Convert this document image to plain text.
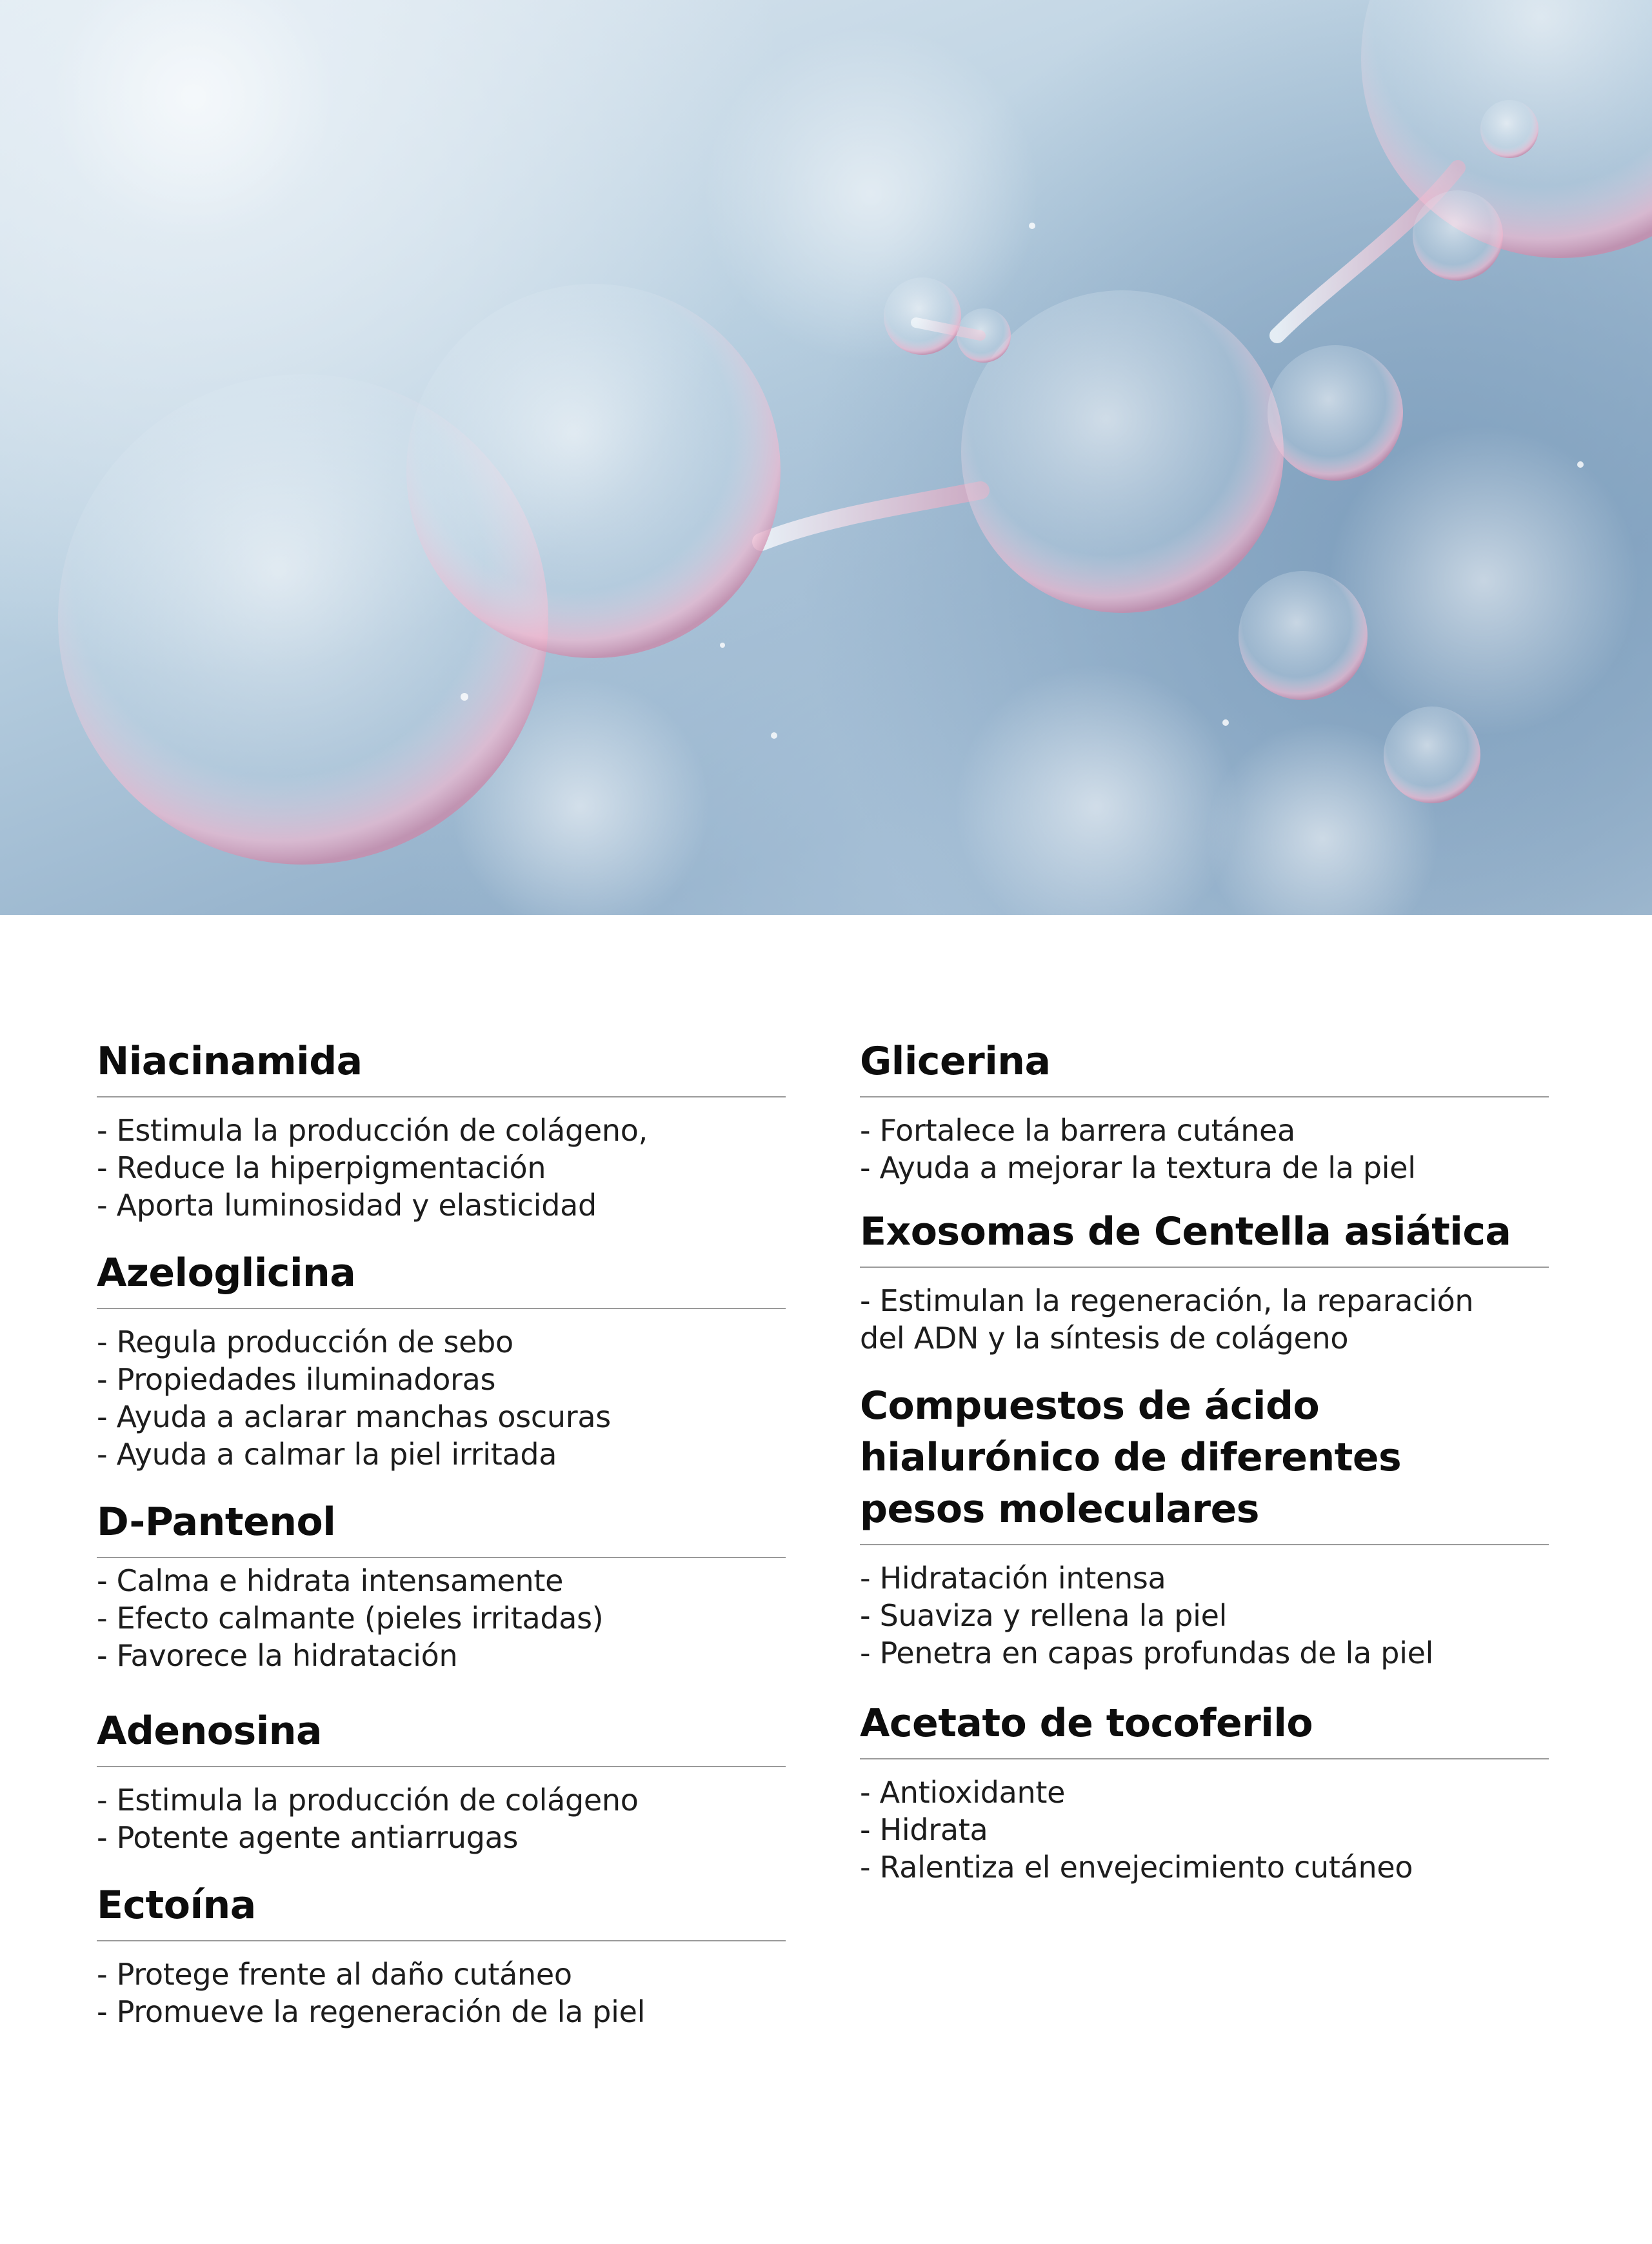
Niacinamida
- Estimula la producción de colágeno,
- Reduce la hiperpigmentación
- Aporta luminosidad y elasticidad
Azeloglicina
- Regula producción de sebo
- Propiedades iluminadoras
- Ayuda a aclarar manchas oscuras
- Ayuda a calmar la piel irritada
D-Pantenol
- Calma e hidrata intensamente
- Efecto calmante (pieles irritadas)
- Favorece la hidratación
Adenosina
- Estimula la producción de colágeno
- Potente agente antiarrugas
Ectoína
- Protege frente al daño cutáneo
- Promueve la regeneración de la piel
Glicerina
- Fortalece la barrera cutánea
- Ayuda a mejorar la textura de la piel
Exosomas de Centella asiática

- Estimulan la regeneración, la reparación

del ADN y la síntesis de colágeno

Compuestos de ácido
hialurónico de diferentes
pesos moleculares
- Hidratación intensa
- Suaviza y rellena la piel
- Penetra en capas profundas de la piel
Acetato de tocoferilo
- Antioxidante
- Hidrata
- Ralentiza el envejecimiento cutáneo
